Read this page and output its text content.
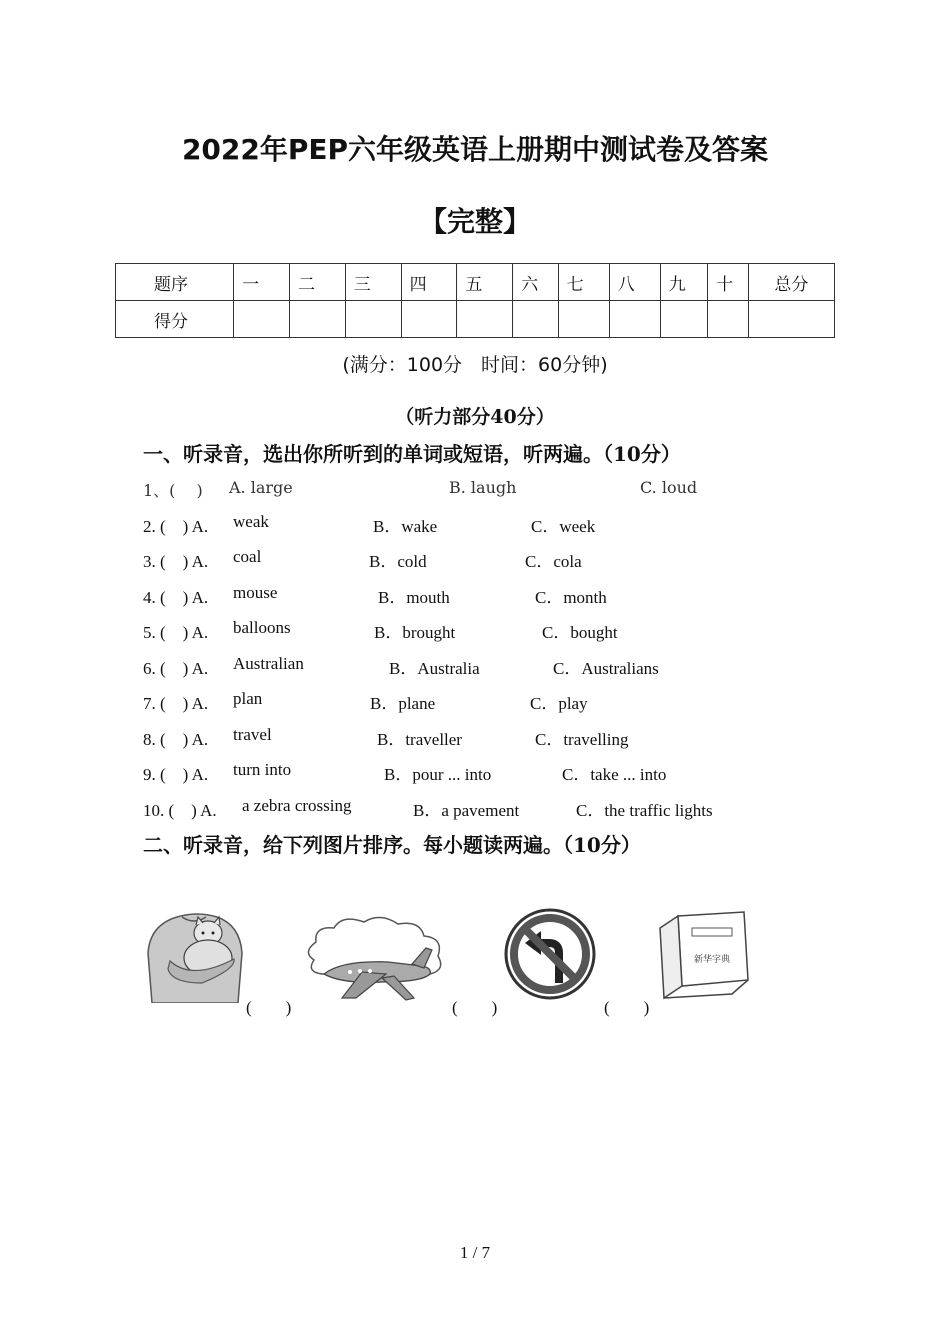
2022年PEP六年级英语上册期中测试卷及答案
【完整】
题序	一	二	三	四	五	六	七	八	九	十	总分
得分											
(满分：100分　时间：60分钟)
（听力部分40分）
一、听录音，选出你所听到的单词或短语，听两遍。（10分）
1、(　 ) A. large	B. laugh	C. loud
2. (　) A. weak	B．wake	C．week
3. (　) A. coal	B．cold	C．cola
4. (　) A. mouse	B．mouth	C．month
5. (　) A. balloons	B．brought	C．bought
6. (　) A. Australian	B．Australia	C．Australians
7. (　) A. plan	B．plane	C．play
8. (　) A. travel	B．traveller	C．travelling
9. (　) A. turn into	B．pour ... into	C．take ... into
10. (　) A. a zebra crossing	B．a pavement	C．the traffic lights
二、听录音，给下列图片排序。每小题读两遍。（10分）
(　　)	(　　)	(　　)
新华字典
1 / 7
